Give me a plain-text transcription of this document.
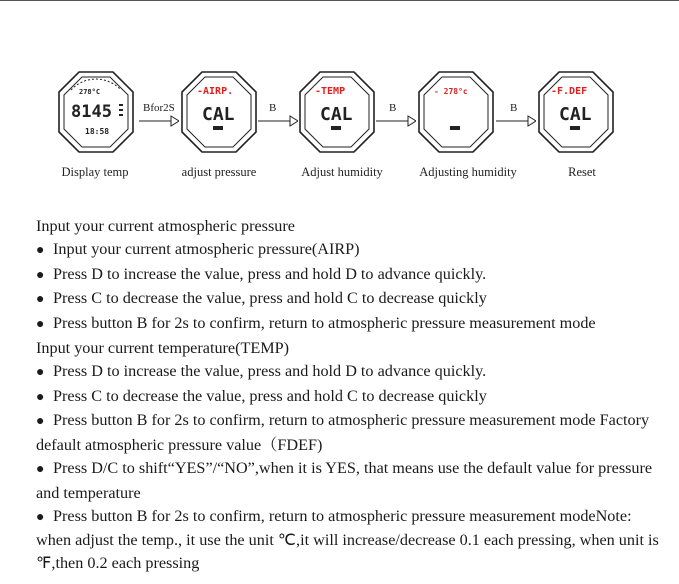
278°C
8145
18:58
Bfor2S
-AIRP.
CAL	B
-TEMP
CAL	B
- 278°c
B
-F.DEF
CAL
Display temp	adjust pressure	Adjust humidity	Adjusting humidity	Reset
Input your current atmospheric pressure
● Input your current atmospheric pressure(AIRP)
● Press D to increase the value, press and hold D to advance quickly.
● Press C to decrease the value, press and hold C to decrease quickly
● Press button B for 2s to confirm, return to atmospheric pressure measurement mode
Input your current temperature(TEMP)
● Press D to increase the value, press and hold D to advance quickly.
● Press C to decrease the value, press and hold C to decrease quickly
● Press button B for 2s to confirm, return to atmospheric pressure measurement mode Factory default atmospheric pressure value（FDEF)
● Press D/C to shift“YES”/“NO”,when it is YES, that means use the default value for pressure and temperature
● Press button B for 2s to confirm, return to atmospheric pressure measurement modeNote: when adjust the temp., it use the unit ℃,it will increase/decrease 0.1 each pressing, when unit is ℉,then 0.2 each pressing
